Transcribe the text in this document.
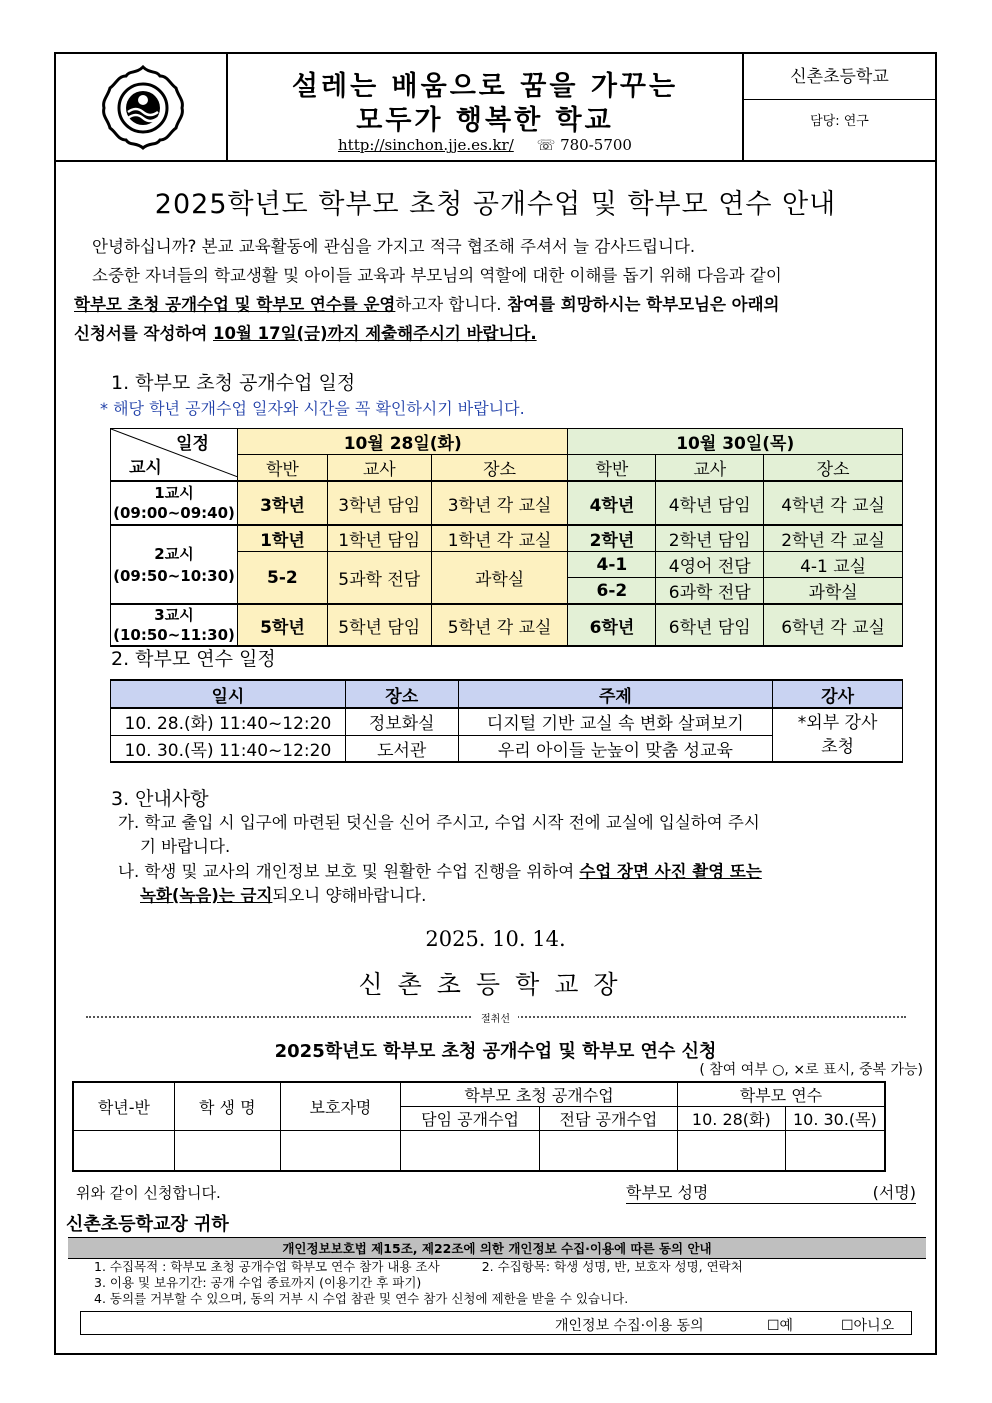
설레는 배움으로 꿈을 가꾸는
모두가 행복한 학교
http://sinchon.jje.es.kr/ ☏ 780-5700
신촌초등학교
담당: 연구
2025학년도 학부모 초청 공개수업 및 학부모 연수 안내
안녕하십니까? 본교 교육활동에 관심을 가지고 적극 협조해 주셔서 늘 감사드립니다.
소중한 자녀들의 학교생활 및 아이들 교육과 부모님의 역할에 대한 이해를 돕기 위해 다음과 같이
학부모 초청 공개수업 및 학부모 연수를 운영하고자 합니다. 참여를 희망하시는 학부모님은 아래의
신청서를 작성하여 10월 17일(금)까지 제출해주시기 바랍니다.
1. 학부모 초청 공개수업 일정
* 해당 학년 공개수업 일자와 시간을 꼭 확인하시기 바랍니다.
일정
교시	10월 28일(화)			10월 30일(목)		
	학반	교사	장소	학반	교사	장소

1교시
(09:00~09:40)	3학년	3학년 담임	3학년 각 교실	4학년	4학년 담임	4학년 각 교실

2교시
(09:50~10:30)	1학년	1학년 담임	1학년 각 교실	2학년	2학년 담임	2학년 각 교실
	5-2	5과학 전담	과학실	4-1	4영어 전담	4-1 교실
				6-2	6과학 전담	과학실

3교시
(10:50~11:30)	5학년	5학년 담임	5학년 각 교실	6학년	6학년 담임	6학년 각 교실
2. 학부모 연수 일정
일시	장소	주제	강사
10. 28.(화) 11:40~12:20	정보화실	디지털 기반 교실 속 변화 살펴보기	*외부 강사
초청

10. 30.(목) 11:40~12:20	도서관	우리 아이들 눈높이 맞춤 성교육	
3. 안내사항
가. 학교 출입 시 입구에 마련된 덧신을 신어 주시고, 수업 시작 전에 교실에 입실하여 주시
기 바랍니다.
나. 학생 및 교사의 개인정보 보호 및 원활한 수업 진행을 위하여 수업 장면 사진 촬영 또는
녹화(녹음)는 금지되오니 양해바랍니다.
2025. 10. 14.
신촌초등학교장
절취선
2025학년도 학부모 초청 공개수업 및 학부모 연수 신청
( 참여 여부 ○, ×로 표시, 중복 가능)
학년-반	학 생 명	보호자명	학부모 초청 공개수업		학부모 연수	
			담임 공개수업	전담 공개수업	10. 28(화)	10. 30.(목)

위와 같이 신청합니다.	학부모 성명	(서명)
신촌초등학교장 귀하
개인정보보호법 제15조, 제22조에 의한 개인정보 수집·이용에 따른 동의 안내
1. 수집목적 : 학부모 초청 공개수업 학부모 연수 참가 내용 조사	2. 수집항목: 학생 성명, 반, 보호자 성명, 연락처
3. 이용 및 보유기간: 공개 수업 종료까지 (이용기간 후 파기)
4. 동의를 거부할 수 있으며, 동의 거부 시 수업 참관 및 연수 참가 신청에 제한을 받을 수 있습니다.
개인정보 수집·이용 동의	☐예	☐아니오
